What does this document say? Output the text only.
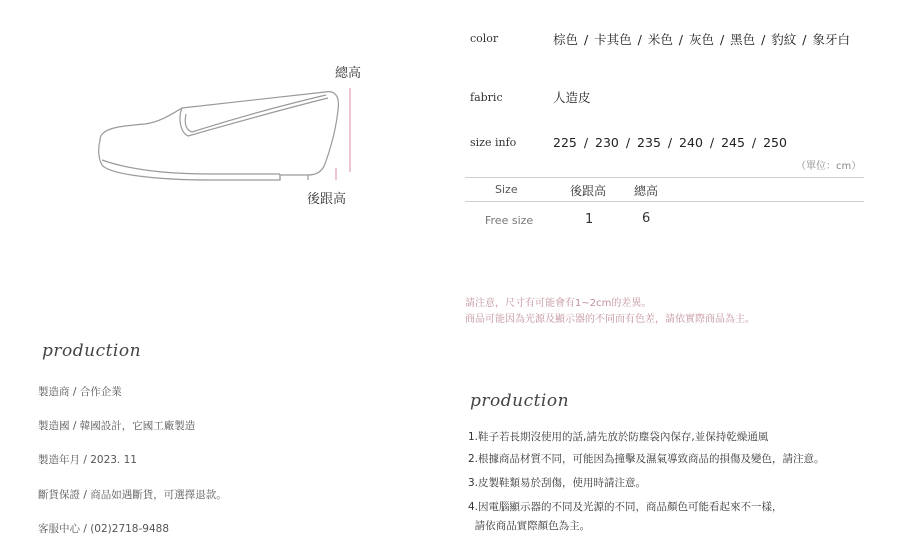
總高
後跟高
color	棕色 / 卡其色 / 米色 / 灰色 / 黑色 / 豹紋 / 象牙白
fabric	人造皮
size info	225 / 230 / 235 / 240 / 245 / 250
（單位：cm）
Size	後跟高 總高
Free size	1	6
請注意，尺寸有可能會有1~2cm的差異。
商品可能因為光源及顯示器的不同而有色差，請依實際商品為主。
production
製造商 / 合作企業
製造國 / 韓國設計，它國工廠製造
製造年月 / 2023. 11
斷貨保證 / 商品如遇斷貨，可選擇退款。
客服中心 / (02)2718-9488
production
1.鞋子若長期沒使用的話,請先放於防塵袋內保存,並保持乾燥通風
2.根據商品材質不同，可能因為撞擊及濕氣導致商品的損傷及變色，請注意。
3.皮製鞋類易於刮傷，使用時請注意。
4.因電腦顯示器的不同及光源的不同，商品顏色可能看起來不一樣，
請依商品實際顏色為主。
